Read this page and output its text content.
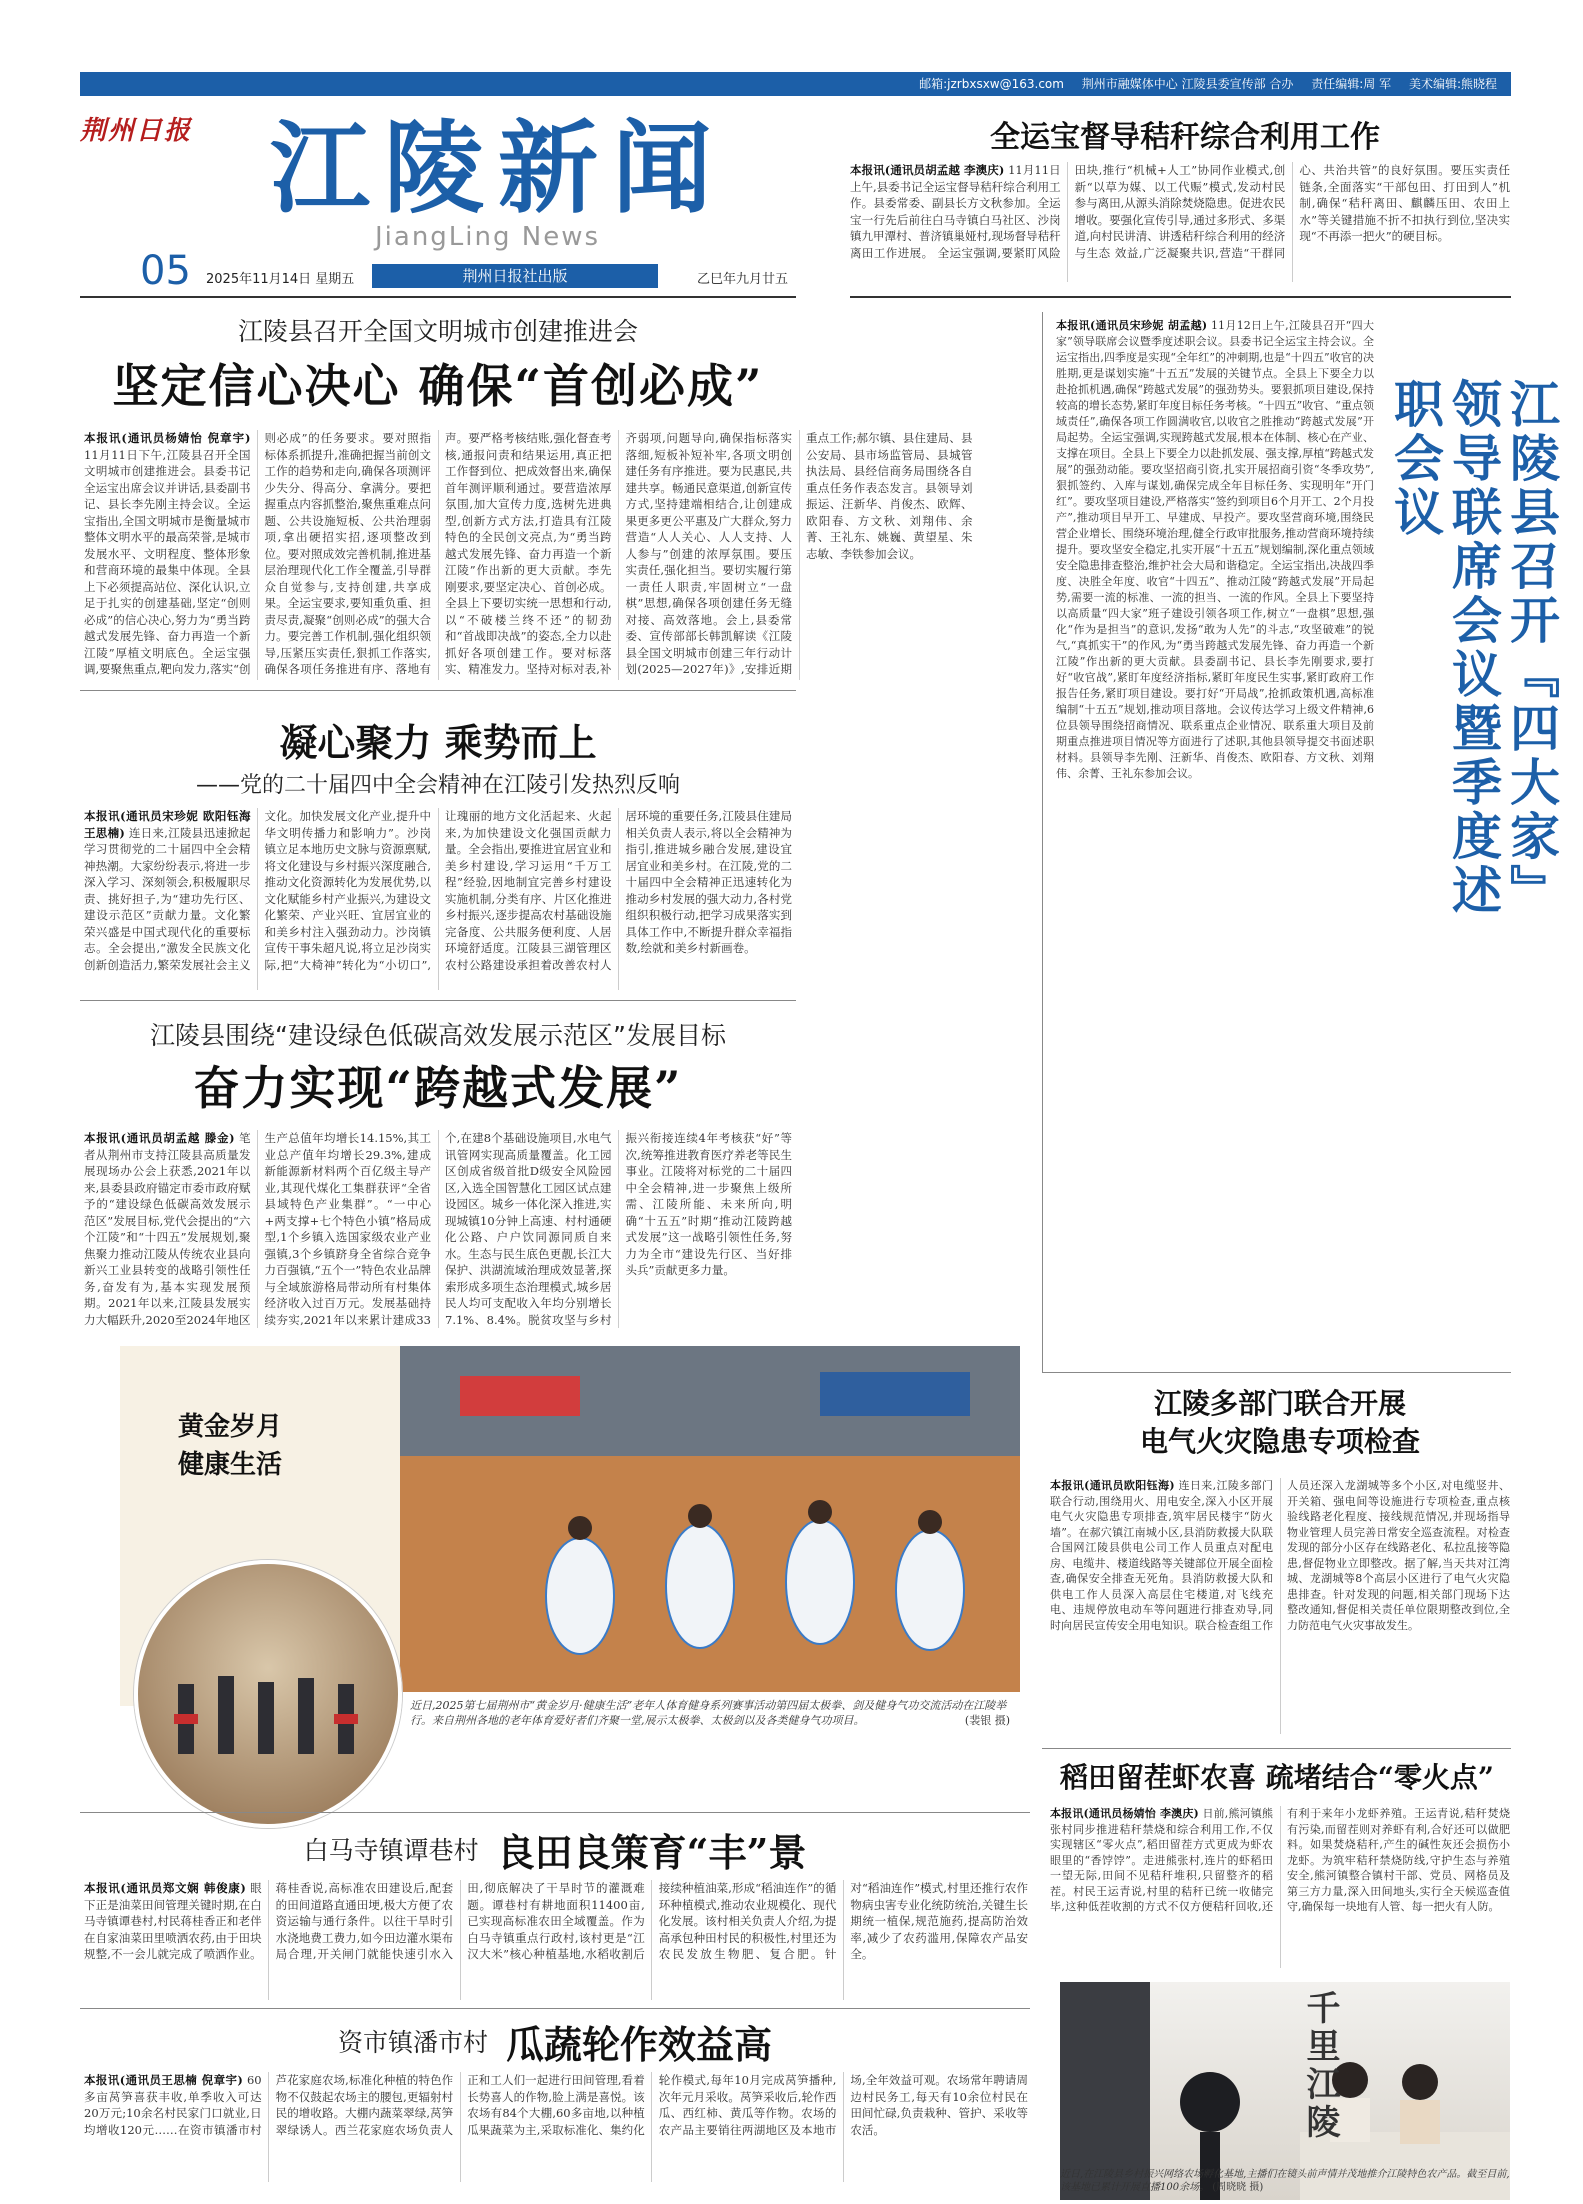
邮箱:jzrbxsxw@163.com 荆州市融媒体中心 江陵县委宣传部 合办 责任编辑:周 军 美术编辑:熊晓程
荆州日报 江陵新闻
JiangLing News
05 2025年11月14日 星期五	荆州日报社出版	乙巳年九月廿五
全运宝督导秸秆综合利用工作
本报讯(通讯员胡孟越 李澳庆) 11月11日上午,县委书记全运宝督导秸秆综合利用工作。县委常委、副县长方文秋参加。全运宝一行先后前往白马寺镇白马社区、沙岗镇九甲潭村、普济镇巢娅村,现场督导秸秆离田工作进展。 全运宝强调,要紧盯风险田块,推行“机械+人工”协同作业模式,创新“以草为媒、以工代赈”模式,发动村民参与离田,从源头消除焚烧隐患。促进农民增收。要强化宣传引导,通过多形式、多渠道,向村民讲清、讲透秸秆综合利用的经济与生态 效益,广泛凝聚共识,营造“干群同心、共治共管”的良好氛围。要压实责任链条,全面落实“干部包田、打田到人”机制,确保“秸秆离田、麒麟压田、农田上水”等关键措施不折不扣执行到位,坚决实现“不再添一把火”的硬目标。
江陵县召开全国文明城市创建推进会
坚定信心决心 确保“首创必成”
本报讯(通讯员杨婧怡 倪章宇) 11月11日下午,江陵县召开全国文明城市创建推进会。县委书记全运宝出席会议并讲话,县委副书记、县长李先刚主持会议。全运宝指出,全国文明城市是衡量城市整体文明水平的最高荣誉,是城市发展水平、文明程度、整体形象和营商环境的最集中体现。全县上下必须提高站位、深化认识,立足于扎实的创建基础,坚定“创则必成”的信心决心,努力为“勇当跨越式发展先锋、奋力再造一个新江陵”厚植文明底色。全运宝强调,要聚焦重点,靶向发力,落实“创则必成”的任务要求。要对照指标体系抓提升,准确把握当前创文工作的趋势和走向,确保各项测评少失分、得高分、拿满分。要把握重点内容抓整治,聚焦重难点问题、公共设施短板、公共治理弱项,拿出硬招实招,逐项整改到位。要对照成效完善机制,推进基层治理现代化工作全覆盖,引导群众自觉参与,支持创建,共享成果。全运宝要求,要知重负重、担责尽责,凝聚“创则必成”的强大合力。要完善工作机制,强化组织领导,压紧压实责任,狠抓工作落实,确保各项任务推进有序、落地有声。要严格考核结账,强化督查考核,通报问责和结果运用,真正把工作督到位、把成效督出来,确保首年测评顺利通过。要营造浓厚氛围,加大宣传力度,选树先进典型,创新方式方法,打造具有江陵特色的全民创文亮点,为“勇当跨越式发展先锋、奋力再造一个新江陵”作出新的更大贡献。李先刚要求,要坚定决心、首创必成。全县上下要切实统一思想和行动,以“不破楼兰终不还”的韧劲和“首战即决战”的姿态,全力以赴抓好各项创建工作。要对标落实、精准发力。坚持对标对表,补齐弱项,问题导向,确保指标落实落细,短板补短补牢,各项文明创建任务有序推进。要为民惠民,共建共享。畅通民意渠道,创新宣传方式,坚持建端相结合,让创建成果更多更公平惠及广大群众,努力营造“人人关心、人人支持、人人参与”创建的浓厚氛围。要压实责任,强化担当。要切实履行第一责任人职责,牢固树立“一盘棋”思想,确保各项创建任务无缝对接、高效落地。会上,县委常委、宣传部部长韩凯解读《江陵县全国文明城市创建三年行动计划(2025—2027年)》,安排近期重点工作;郝尔镇、县住建局、县公安局、县市场监管局、县城管执法局、县经信商务局围绕各自重点任务作表态发言。县领导刘振运、汪新华、肖俊杰、欧辉、欧阳春、方文秋、刘翔伟、余菁、王礼东、姚巍、黄望星、朱志敏、李铁参加会议。
凝心聚力 乘势而上
——党的二十届四中全会精神在江陵引发热烈反响
本报讯(通讯员宋珍妮 欧阳钰海 王思楠) 连日来,江陵县迅速掀起学习贯彻党的二十届四中全会精神热潮。大家纷纷表示,将进一步深入学习、深刻领会,积极履职尽责、挑好担子,为“建功先行区、建设示范区”贡献力量。文化繁荣兴盛是中国式现代化的重要标志。全会提出,“激发全民族文化创新创造活力,繁荣发展社会主义文化。加快发展文化产业,提升中华文明传播力和影响力”。沙岗镇立足本地历史文脉与资源禀赋,将文化建设与乡村振兴深度融合,推动文化资源转化为发展优势,以文化赋能乡村产业振兴,为建设文化繁荣、产业兴旺、宜居宜业的和美乡村注入强劲动力。沙岗镇宣传干事朱超凡说,将立足沙岗实际,把“大椅神”转化为“小切口”,让瑰丽的地方文化活起来、火起来,为加快建设文化强国贡献力量。全会指出,要推进宜居宜业和美乡村建设,学习运用“千万工程”经验,因地制宜完善乡村建设实施机制,分类有序、片区化推进乡村振兴,逐步提高农村基础设施完备度、公共服务便利度、人居环境舒适度。江陵县三湖管理区农村公路建设承担着改善农村人居环境的重要任务,江陵县住建局相关负责人表示,将以全会精神为指引,推进城乡融合发展,建设宜居宜业和美乡村。在江陵,党的二十届四中全会精神正迅速转化为推动乡村发展的强大动力,各村党组织积极行动,把学习成果落实到具体工作中,不断提升群众幸福指数,绘就和美乡村新画卷。
江陵县围绕“建设绿色低碳高效发展示范区”发展目标
奋力实现“跨越式发展”
本报讯(通讯员胡孟越 滕金) 笔者从荆州市支持江陵县高质量发展现场办公会上获悉,2021年以来,县委县政府锚定市委市政府赋予的“建设绿色低碳高效发展示范区”发展目标,党代会提出的“六个江陵”和“十四五”发展规划,聚焦聚力推动江陵从传统农业县向新兴工业县转变的战略引领性任务,奋发有为,基本实现发展预期。2021年以来,江陵县发展实力大幅跃升,2020至2024年地区生产总值年均增长14.15%,其工业总产值年均增长29.3%,建成新能源新材料两个百亿级主导产业,其现代煤化工集群获评“全省县域特色产业集群”。“一中心+两支撑+七个特色小镇”格局成型,1个乡镇入选国家级农业产业强镇,3个乡镇跻身全省综合竞争力百强镇,“五个一”特色农业品牌与全域旅游格局带动所有村集体经济收入过百万元。发展基础持续夯实,2021年以来累计建成33个,在建8个基础设施项目,水电气讯管网实现高质量覆盖。化工园区创成省级首批D级安全风险园区,入选全国智慧化工园区试点建设园区。城乡一体化深入推进,实现城镇10分钟上高速、村村通硬化公路、户户饮同源同质自来水。生态与民生底色更靓,长江大保护、洪湖流域治理成效显著,探索形成多项生态治理模式,城乡居民人均可支配收入年均分别增长7.1%、8.4%。脱贫攻坚与乡村振兴衔接连续4年考核获“好”等次,统筹推进教育医疗养老等民生事业。江陵将对标党的二十届四中全会精神,进一步聚焦上级所需、江陵所能、未来所向,明确“十五五”时期“推动江陵跨越式发展”这一战略引领性任务,努力为全市“建设先行区、当好排头兵”贡献更多力量。
江陵县召开『四大家』领导联席会议暨季度述职会议
本报讯(通讯员宋珍妮 胡孟越) 11月12日上午,江陵县召开“四大家”领导联席会议暨季度述职会议。县委书记全运宝主持会议。全运宝指出,四季度是实现“全年红”的冲刺期,也是“十四五”收官的决胜期,更是谋划实施“十五五”发展的关键节点。全县上下要全力以赴抢抓机遇,确保“跨越式发展”的强劲势头。要狠抓项目建设,保持较高的增长态势,紧盯年度目标任务考核。“十四五”收官、“重点领域责任”,确保各项工作圆满收官,以收官之胜推动“跨越式发展”开局起势。全运宝强调,实现跨越式发展,根本在体制、核心在产业、支撑在项目。全县上下要全力以赴抓发展、强支撑,厚植“跨越式发展”的强劲动能。要攻坚招商引资,扎实开展招商引资“冬季攻势”,狠抓签约、入库与谋划,确保完成全年目标任务、实现明年“开门红”。要攻坚项目建设,严格落实“签约到项目6个月开工、2个月投产”,推动项目早开工、早建成、早投产。要攻坚营商环境,围绕民营企业增长、围绕环境治理,健全行政审批服务,推动营商环境持续提升。要攻坚安全稳定,扎实开展“十五五”规划编制,深化重点领域安全隐患排查整治,维护社会大局和谐稳定。全运宝指出,决战四季度、决胜全年度、收官“十四五”、推动江陵“跨越式发展”开局起势,需要一流的标准、一流的担当、一流的作风。全县上下要坚持以高质量“四大家”班子建设引领各项工作,树立“一盘棋”思想,强化“作为是担当”的意识,发扬“敢为人先”的斗志,“攻坚破难”的锐气,“真抓实干”的作风,为“勇当跨越式发展先锋、奋力再造一个新江陵”作出新的更大贡献。县委副书记、县长李先刚要求,要打好“收官战”,紧盯年度经济指标,紧盯年度民生实事,紧盯政府工作报告任务,紧盯项目建设。要打好“开局战”,抢抓政策机遇,高标准编制“十五五”规划,推动项目落地。会议传达学习上级文件精神,6位县领导围绕招商情况、联系重点企业情况、联系重大项目及前期重点推进项目情况等方面进行了述职,其他县领导提交书面述职材料。县领导李先刚、汪新华、肖俊杰、欧阳春、方文秋、刘翔伟、余菁、王礼东参加会议。
江陵多部门联合开展
电气火灾隐患专项检查
本报讯(通讯员欧阳钰海) 连日来,江陵多部门联合行动,围绕用火、用电安全,深入小区开展电气火灾隐患专项排查,筑牢居民楼宇“防火墙”。在郝穴镇江南城小区,县消防救援大队联合国网江陵县供电公司工作人员重点对配电房、电缆井、楼道线路等关键部位开展全面检查,确保安全排查无死角。县消防救援大队和供电工作人员深入高层住宅楼道,对飞线充电、违规停放电动车等问题进行排查劝导,同时向居民宣传安全用电知识。联合检查组工作人员还深入龙湖城等多个小区,对电缆竖井、开关箱、强电间等设施进行专项检查,重点核验线路老化程度、接线规范情况,并现场指导物业管理人员完善日常安全巡查流程。对检查发现的部分小区存在线路老化、私拉乱接等隐患,督促物业立即整改。据了解,当天共对江湾城、龙湖城等8个高层小区进行了电气火灾隐患排查。针对发现的问题,相关部门现场下达整改通知,督促相关责任单位限期整改到位,全力防范电气火灾事故发生。
黄金岁月
健康生活
近日,2025第七届荆州市“黄金岁月·健康生活”老年人体育健身系列赛事活动第四届太极拳、剑及健身气功交流活动在江陵举行。来自荆州各地的老年体育爱好者们齐聚一堂,展示太极拳、太极剑以及各类健身气功项目。	(裴银 摄)
稻田留茬虾农喜 疏堵结合“零火点”
本报讯(通讯员杨婧怡 李澳庆) 日前,熊河镇熊张村同步推进秸秆禁烧和综合利用工作,不仅实现辖区“零火点”,稻田留茬方式更成为虾农眼里的“香饽饽”。走进熊张村,连片的虾稻田一望无际,田间不见秸秆堆积,只留整齐的稻茬。村民王运青说,村里的秸秆已统一收储完毕,这种低茬收割的方式不仅方便秸秆回收,还有利于来年小龙虾养殖。王运青说,秸秆焚烧有污染,而留茬则对养虾有利,合好还可以做肥料。如果焚烧秸秆,产生的碱性灰还会损伤小龙虾。为筑牢秸秆禁烧防线,守护生态与养殖安全,熊河镇整合镇村干部、党员、网格员及第三方力量,深入田间地头,实行全天候巡查值守,确保每一块地有人管、每一把火有人防。
白马寺镇谭巷村 良田良策育“丰”景
本报讯(通讯员郑文娴 韩俊康) 眼下正是油菜田间管理关键时期,在白马寺镇谭巷村,村民蒋桂香正和老伴在自家油菜田里喷洒农药,由于田块规整,不一会儿就完成了喷洒作业。蒋桂香说,高标准农田建设后,配套的田间道路直通田埂,极大方便了农资运输与通行条件。以往干旱时引水浇地费工费力,如今田边灌水渠布局合理,开关闸门就能快速引水入田,彻底解决了干旱时节的灌溉难题。谭巷村有耕地面积11400亩,已实现高标准农田全域覆盖。作为白马寺镇重点行政村,该村更是“江汉大米”核心种植基地,水稻收割后接续种植油菜,形成“稻油连作”的循环种植模式,推动农业规模化、现代化发展。该村相关负责人介绍,为提高承包种田村民的积极性,村里还为农民发放生物肥、复合肥。针对“稻油连作”模式,村里还推行农作物病虫害专业化统防统治,关键生长期统一植保,规范施药,提高防治效率,减少了农药滥用,保障农产品安全。
资市镇潘市村 瓜蔬轮作效益高
本报讯(通讯员王思楠 倪章宇) 60多亩莴笋喜获丰收,单季收入可达20万元;10余名村民家门口就业,日均增收120元……在资市镇潘市村芦花家庭农场,标准化种植的特色作物不仅鼓起农场主的腰包,更辐射村民的增收路。大棚内蔬菜翠绿,莴笋翠绿诱人。西兰花家庭农场负责人正和工人们一起进行田间管理,看着长势喜人的作物,脸上满是喜悦。该农场有84个大棚,60多亩地,以种植瓜果蔬菜为主,采取标准化、集约化轮作模式,每年10月完成莴笋播种,次年元月采收。莴笋采收后,轮作西瓜、西红柿、黄瓜等作物。农场的农产品主要销往两湖地区及本地市场,全年效益可观。农场常年聘请周边村民务工,每天有10余位村民在田间忙碌,负责栽种、管护、采收等农活。	千里江陵
近日,在江陵县乡村振兴网络农场孵化基地,主播们在镜头前声情并茂地推介江陵特色农产品。截至目前,该基地已累计开展直播100余场。 (周晓晓 摄)
